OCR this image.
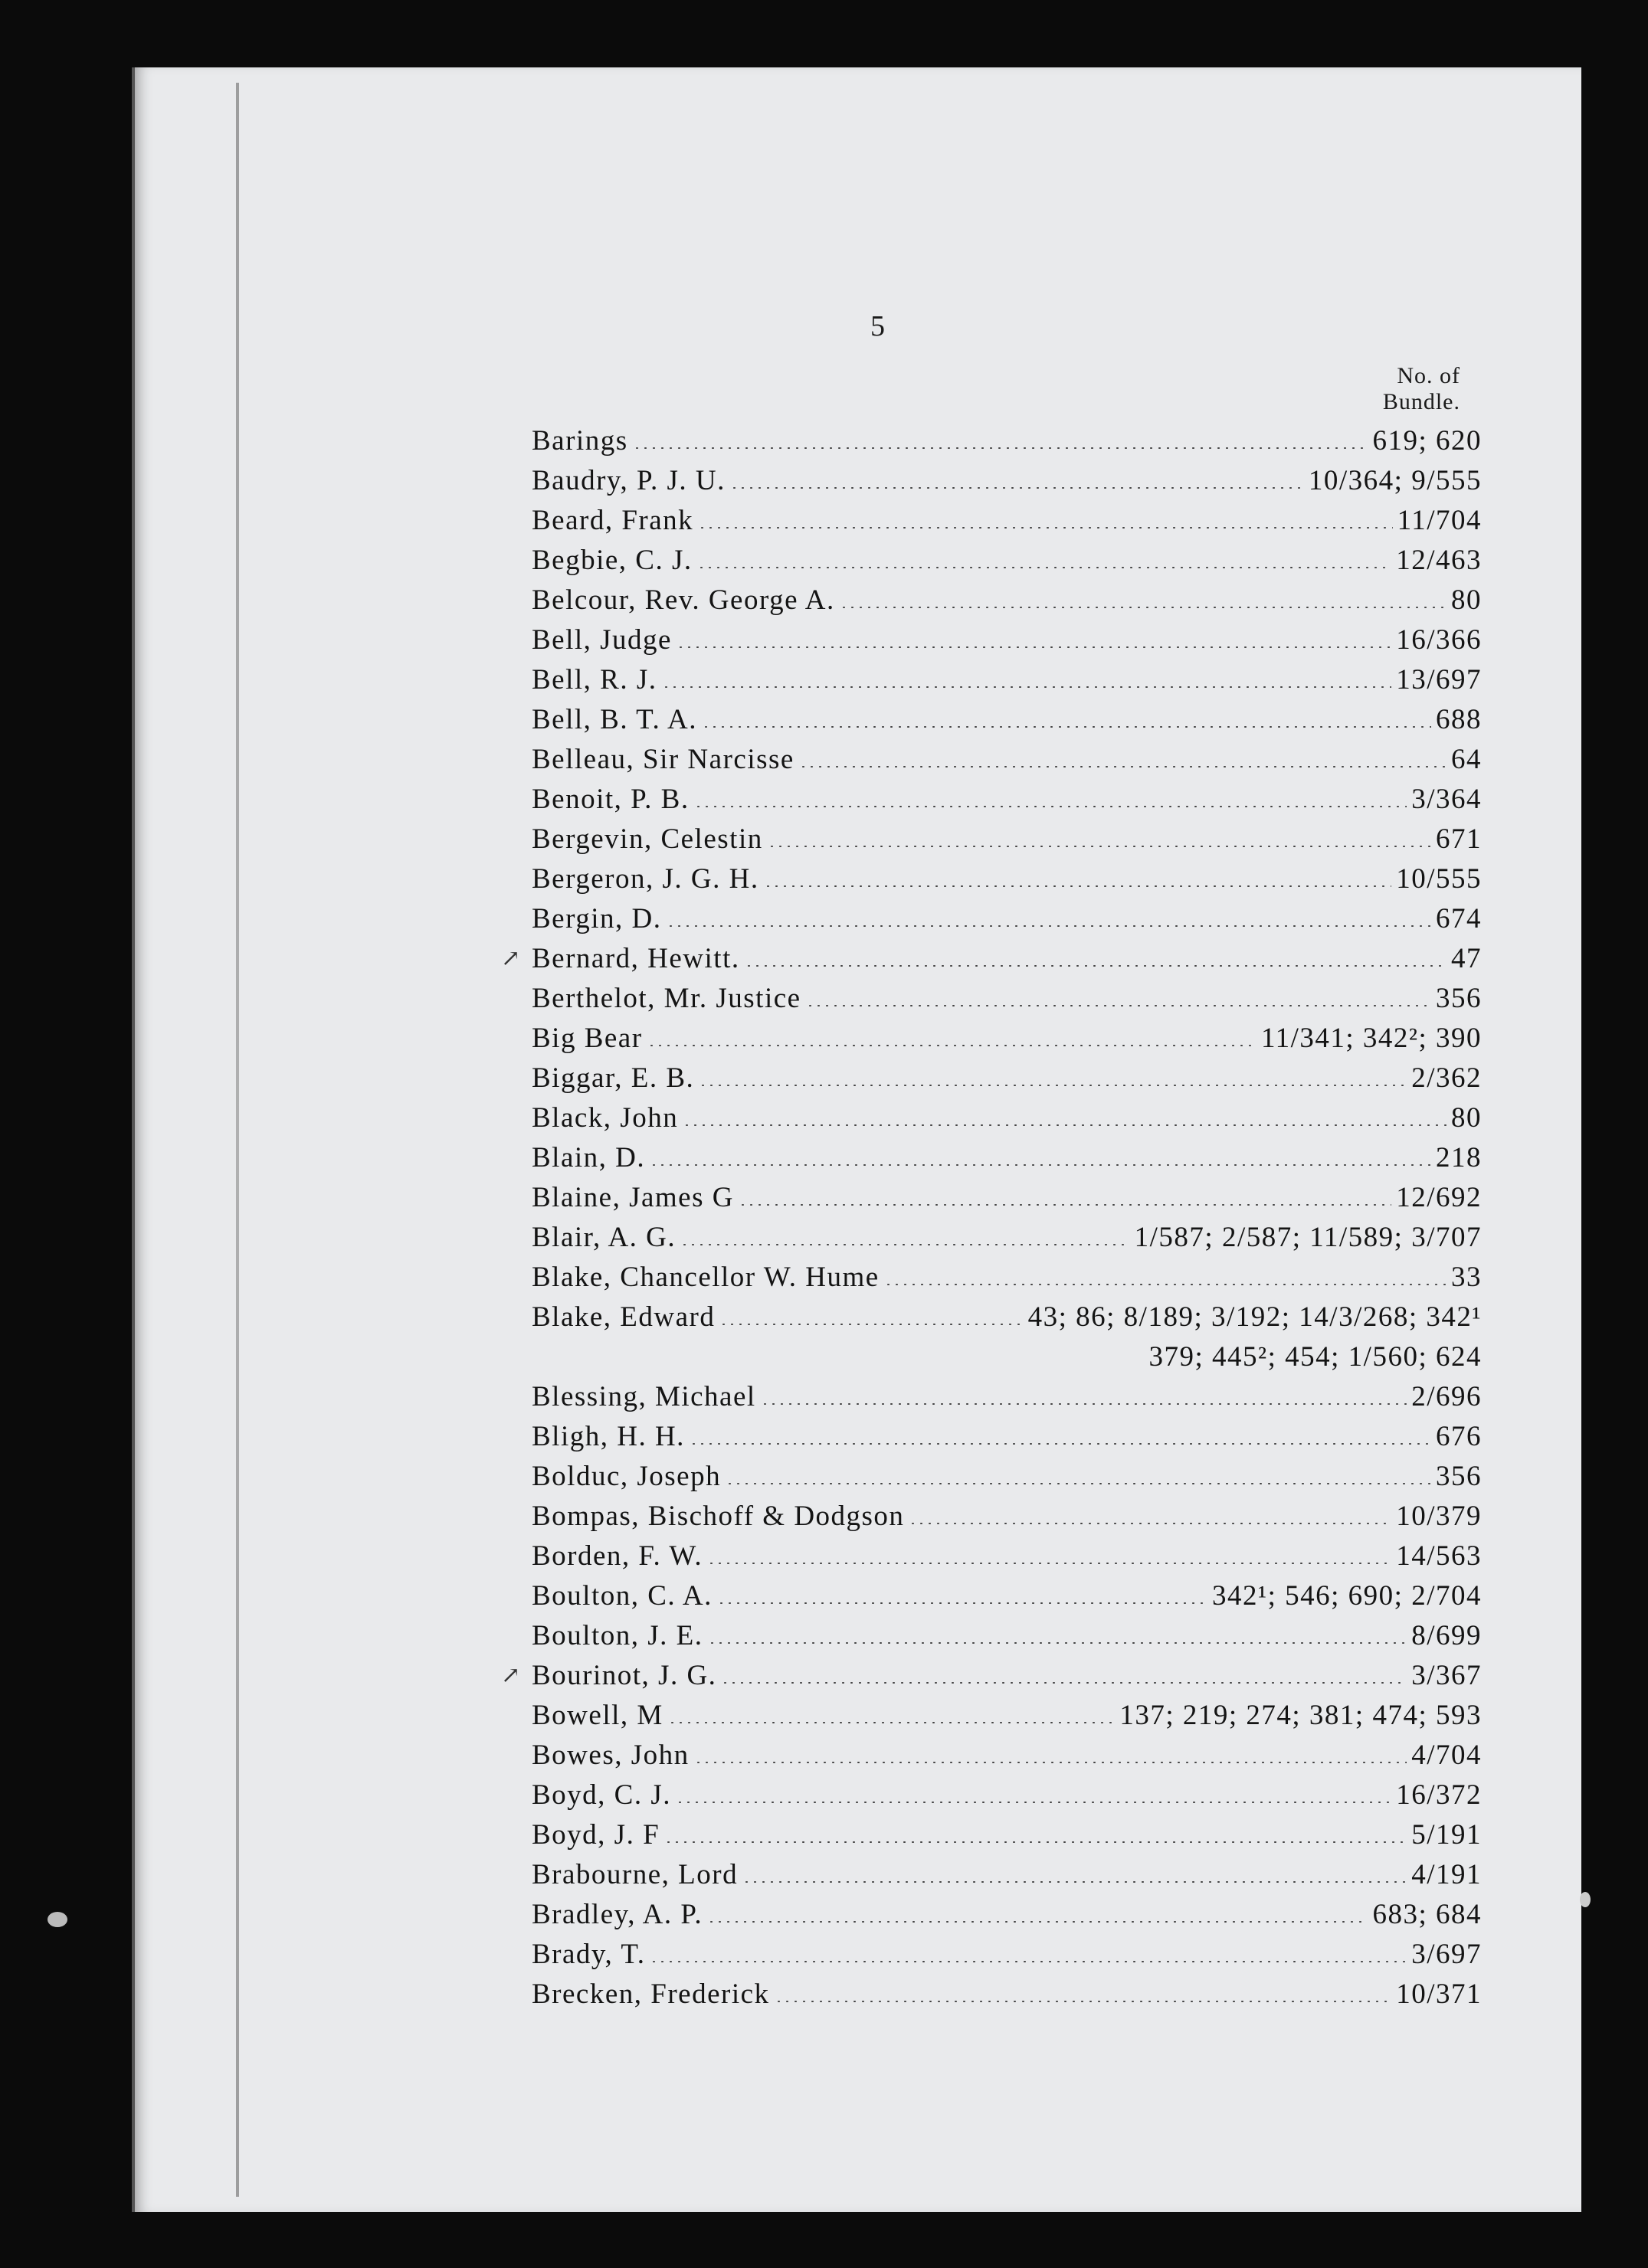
5
No. of
Bundle.
Barings	619; 620
Baudry, P. J. U.	10/364; 9/555
Beard, Frank	11/704
Begbie, C. J.	12/463
Belcour, Rev. George A.	80
Bell, Judge	16/366
Bell, R. J.	13/697
Bell, B. T. A.	688
Belleau, Sir Narcisse	64
Benoit, P. B.	3/364
Bergevin, Celestin	671
Bergeron, J. G. H.	10/555
Bergin, D.	674
↗ Bernard, Hewitt.	47
Berthelot, Mr. Justice	356
Big Bear	11/341; 342²; 390
Biggar, E. B.	2/362
Black, John	80
Blain, D.	218
Blaine, James G	12/692
Blair, A. G.	1/587; 2/587; 11/589; 3/707
Blake, Chancellor W. Hume	33
Blake, Edward	43; 86; 8/189; 3/192; 14/3/268; 342¹
379; 445²; 454; 1/560; 624
Blessing, Michael	2/696
Bligh, H. H.	676
Bolduc, Joseph	356
Bompas, Bischoff & Dodgson	10/379
Borden, F. W.	14/563
Boulton, C. A.	342¹; 546; 690; 2/704
Boulton, J. E.	8/699
↗ Bourinot, J. G.	3/367
Bowell, M	137; 219; 274; 381; 474; 593
Bowes, John	4/704
Boyd, C. J.	16/372
Boyd, J. F	5/191
Brabourne, Lord	4/191
Bradley, A. P.	683; 684
Brady, T.	3/697
Brecken, Frederick	10/371
